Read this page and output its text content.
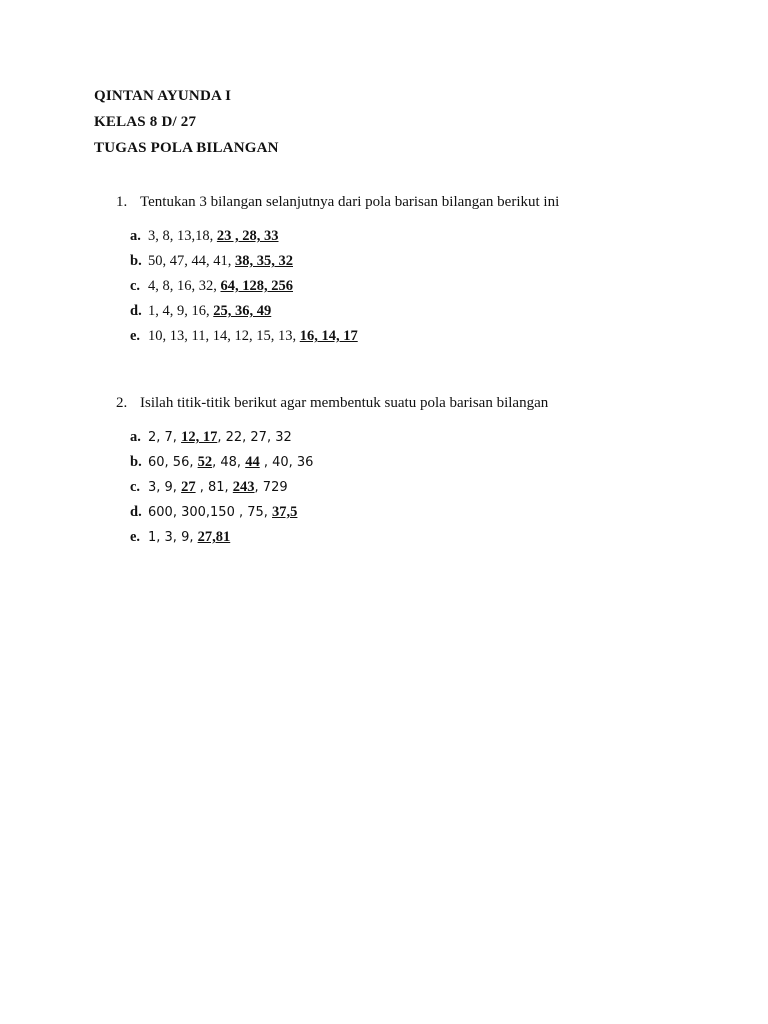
QINTAN AYUNDA I
KELAS 8 D/ 27
TUGAS POLA BILANGAN
1. Tentukan 3 bilangan selanjutnya dari pola barisan bilangan berikut ini
a. 3, 8, 13,18, 23 , 28, 33
b. 50, 47, 44, 41, 38, 35, 32
c. 4, 8, 16, 32, 64, 128, 256
d. 1, 4, 9, 16, 25, 36, 49
e. 10, 13, 11, 14, 12, 15, 13, 16, 14, 17
2. Isilah titik-titik berikut agar membentuk suatu pola barisan bilangan
a. 2, 7, 12, 17, 22, 27, 32
b. 60, 56, 52, 48, 44 , 40, 36
c. 3, 9, 27 , 81, 243, 729
d. 600, 300,150 , 75, 37,5
e. 1, 3, 9, 27,81
